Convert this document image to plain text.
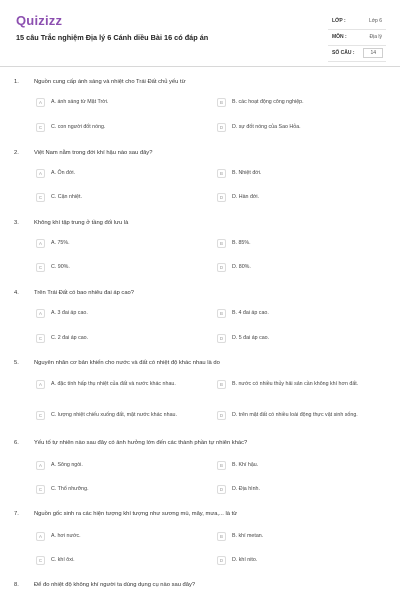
Quizizz
15 câu Trắc nghiệm Địa lý 6 Cánh diều Bài 16 có đáp án
LỚP :	Lớp 6
MÔN :	Địa lý
SỐ CÂU :	14
1.	Nguồn cung cấp ánh sáng và nhiệt cho Trái Đất chủ yếu từ
A	A. ánh sáng từ Mặt Trời.	B	B. các hoạt động công nghiệp.
C	C. con người đốt nóng.	D	D. sự đốt nóng của Sao Hỏa.
2.	Việt Nam nằm trong đới khí hậu nào sau đây?
A	A. Ôn đới.	B	B. Nhiệt đới.
C	C. Cận nhiệt.	D	D. Hàn đới.
3.	Không khí tập trung ở tầng đối lưu là
A	A. 75%.	B	B. 85%.
C	C. 90%.	D	D. 80%.
4.	Trên Trái Đất có bao nhiêu đai áp cao?
A	A. 3 đai áp cao.	B	B. 4 đai áp cao.
C	C. 2 đai áp cao.	D	D. 5 đai áp cao.
5.	Nguyên nhân cơ bản khiến cho nước và đất có nhiệt độ khác nhau là do
A	A. đặc tính hấp thụ nhiệt của đất và nước khác nhau.	B	B. nước có nhiều thủy hải sản cần không khí hơn đất.
C	C. lượng nhiệt chiếu xuống đất, mặt nước khác nhau.	D	D. trên mặt đất có nhiều loài động thực vật sinh sống.
6.	Yếu tố tự nhiên nào sau đây có ảnh hưởng lớn đến các thành phần tự nhiên khác?
A	A. Sông ngòi.	B	B. Khí hậu.
C	C. Thổ nhưỡng.	D	D. Địa hình.
7.	Nguồn gốc sinh ra các hiện tượng khí tượng như sương mù, mây, mưa,... là từ
A	A. hơi nước.	B	B. khí metan.
C	C. khí ôxi.	D	D. khí nito.
8.	Để đo nhiệt độ không khí người ta dùng dụng cụ nào sau đây?
